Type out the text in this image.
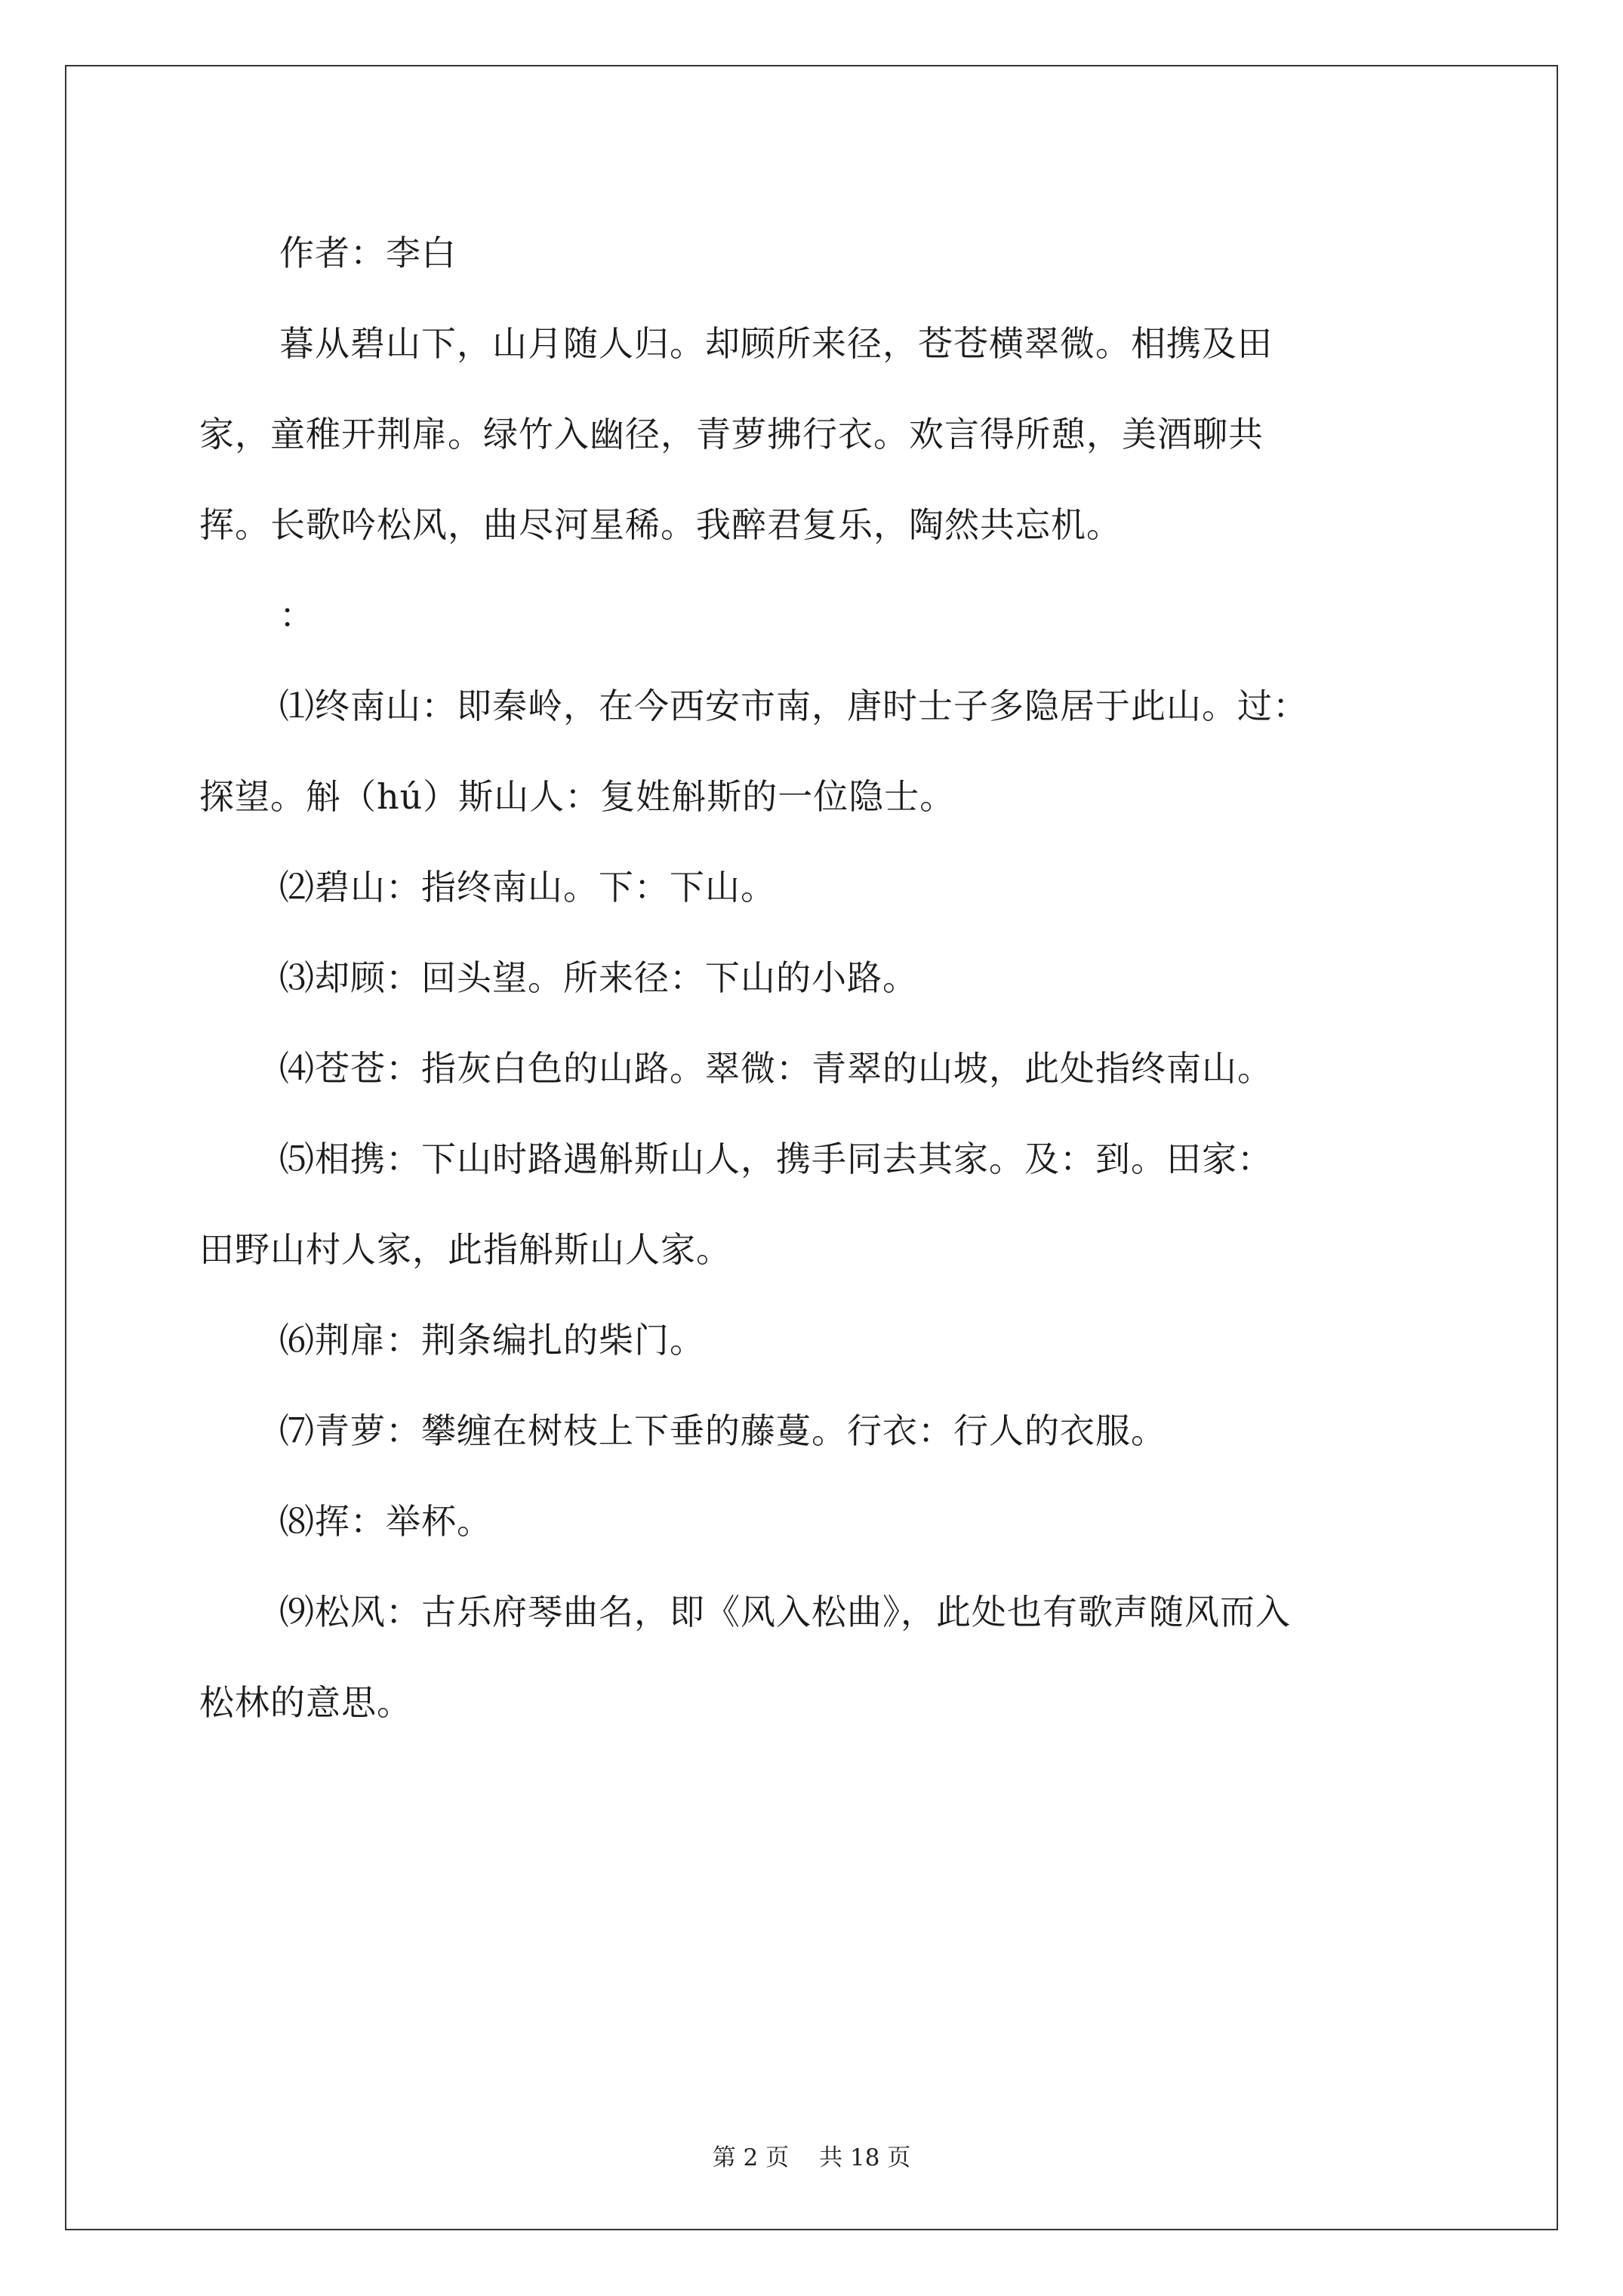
作者：李白
暮从碧山下，山月随人归。却顾所来径，苍苍横翠微。相携及田
家，童稚开荆扉。绿竹入幽径，青萝拂行衣。欢言得所憩，美酒聊共
挥。长歌吟松风，曲尽河星稀。我醉君复乐，陶然共忘机。
：
⑴终南山：即秦岭，在今西安市南，唐时士子多隐居于此山。过：
探望。斛（hú）斯山人：复姓斛斯的一位隐士。
⑵碧山：指终南山。下：下山。
⑶却顾：回头望。所来径：下山的小路。
⑷苍苍：指灰白色的山路。翠微：青翠的山坡，此处指终南山。
⑸相携：下山时路遇斛斯山人，携手同去其家。及：到。田家：
田野山村人家，此指斛斯山人家。
⑹荆扉：荆条编扎的柴门。
⑺青萝：攀缠在树枝上下垂的藤蔓。行衣：行人的衣服。
⑻挥：举杯。
⑼松风：古乐府琴曲名，即《风入松曲》，此处也有歌声随风而入
松林的意思。
第 2 页 共 18 页
